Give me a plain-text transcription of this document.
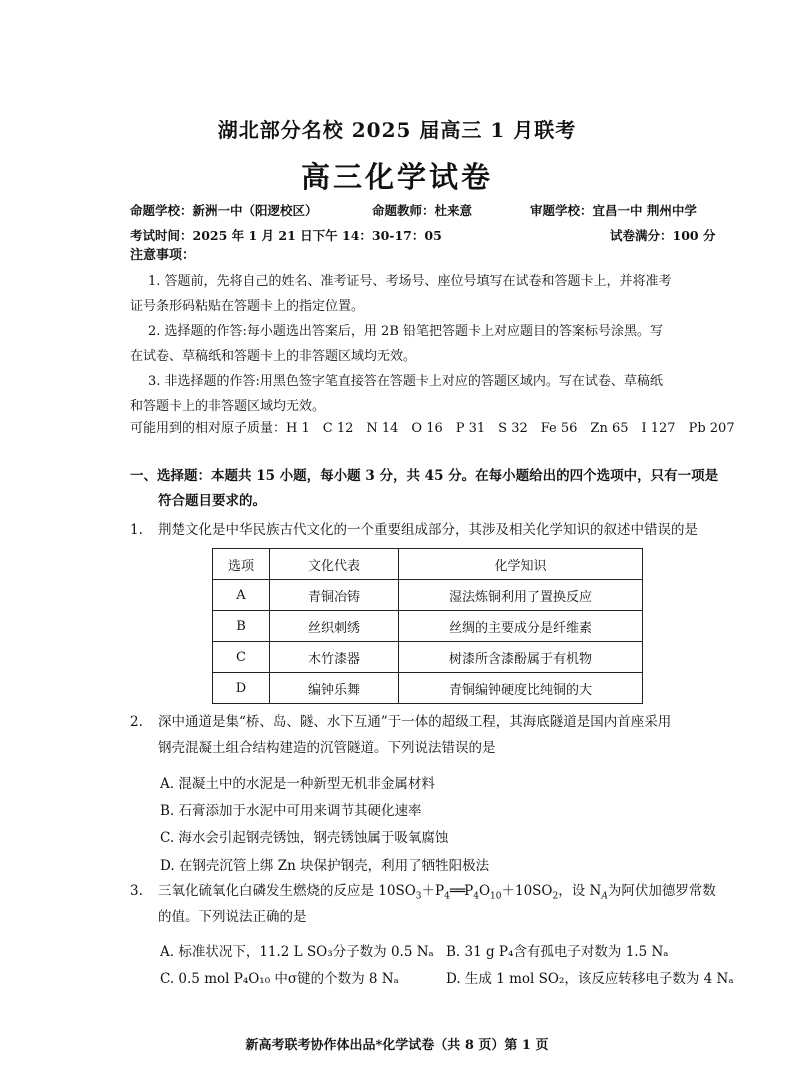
湖北部分名校 2025 届高三 1 月联考
高三化学试卷
命题学校：新洲一中（阳逻校区）	命题教师：杜来意	审题学校：宜昌一中 荆州中学
考试时间：2025 年 1 月 21 日下午 14：30-17：05	试卷满分：100 分
注意事项：
1. 答题前，先将自己的姓名、准考证号、考场号、座位号填写在试卷和答题卡上，并将准考
证号条形码粘贴在答题卡上的指定位置。
2. 选择题的作答:每小题选出答案后，用 2B 铅笔把答题卡上对应题目的答案标号涂黑。写
在试卷、草稿纸和答题卡上的非答题区域均无效。
3. 非选择题的作答:用黑色签字笔直接答在答题卡上对应的答题区域内。写在试卷、草稿纸
和答题卡上的非答题区域均无效。
可能用到的相对原子质量：H 1　C 12　N 14　O 16　P 31　S 32　Fe 56　Zn 65　I 127　Pb 207
一、选择题：本题共 15 小题，每小题 3 分，共 45 分。在每小题给出的四个选项中，只有一项是
符合题目要求的。
1. 荆楚文化是中华民族古代文化的一个重要组成部分，其涉及相关化学知识的叙述中错误的是
选项	文化代表	化学知识
A	青铜冶铸	湿法炼铜利用了置换反应
B	丝织刺绣	丝绸的主要成分是纤维素
C	木竹漆器	树漆所含漆酚属于有机物
D	编钟乐舞	青铜编钟硬度比纯铜的大
2. 深中通道是集“桥、岛、隧、水下互通”于一体的超级工程，其海底隧道是国内首座采用
钢壳混凝土组合结构建造的沉管隧道。下列说法错误的是
A. 混凝土中的水泥是一种新型无机非金属材料
B. 石膏添加于水泥中可用来调节其硬化速率
C. 海水会引起钢壳锈蚀，钢壳锈蚀属于吸氧腐蚀
D. 在钢壳沉管上绑 Zn 块保护钢壳，利用了牺牲阳极法
3. 三氧化硫氧化白磷发生燃烧的反应是 $10SO_3+P_4══P_4O_{10}+10SO_2$，设 $N_A$为阿伏加德罗常数
的值。下列说法正确的是
A. 标准状况下，11.2 L SO₃分子数为 0.5 Nₐ B. 31 g P₄含有孤电子对数为 1.5 Nₐ
C. 0.5 mol P₄O₁₀ 中σ键的个数为 8 Nₐ	D. 生成 1 mol SO₂，该反应转移电子数为 4 Nₐ
新高考联考协作体出品*化学试卷（共 8 页）第 1 页
